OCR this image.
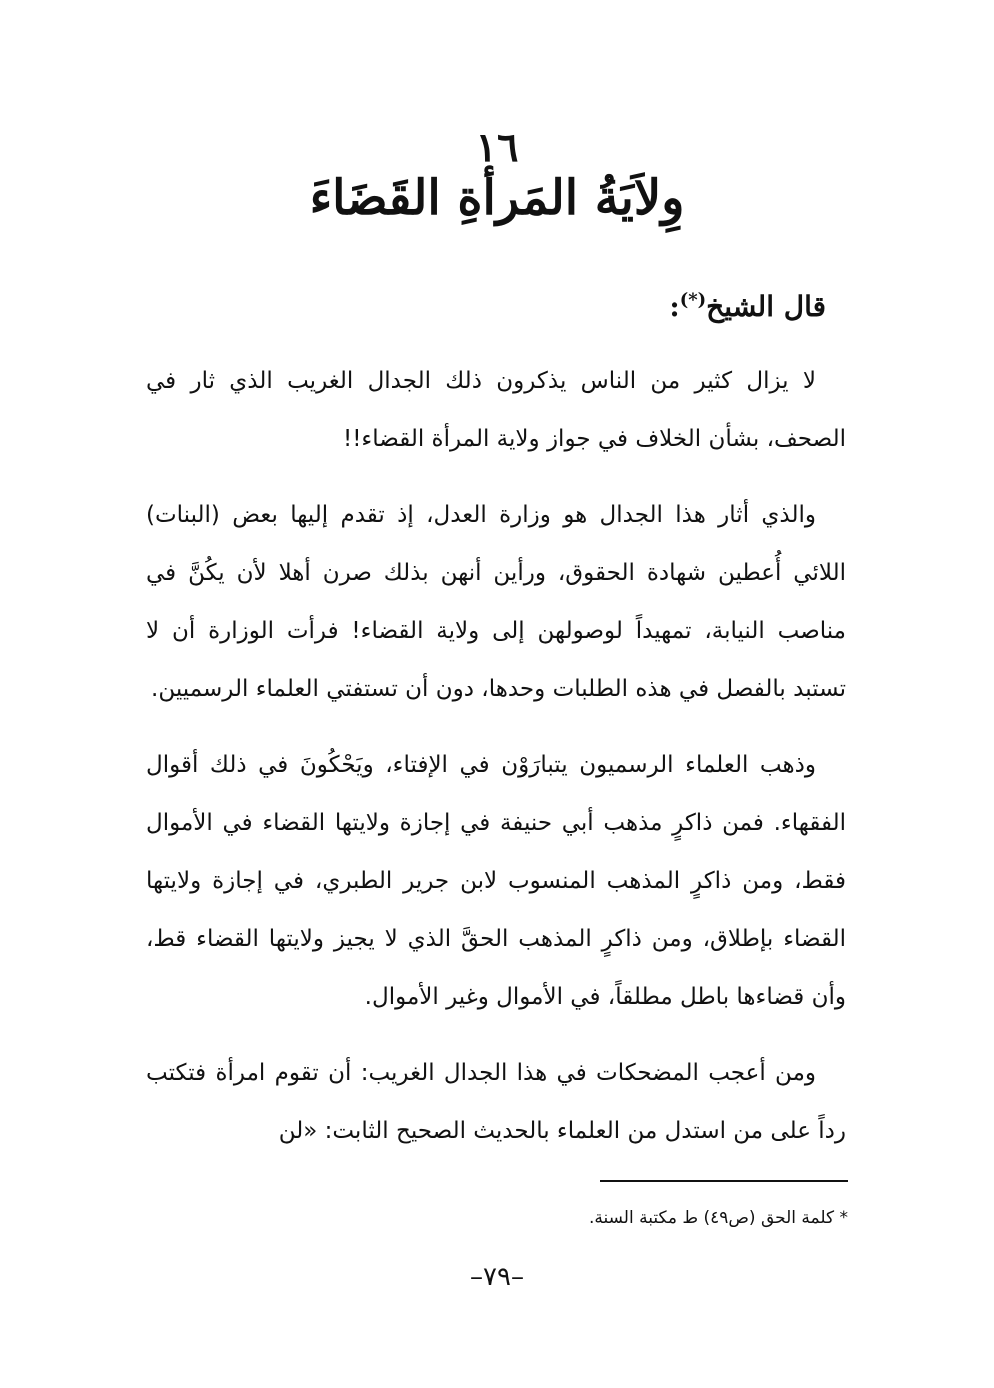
١٦
وِلاَيَةُ المَرأةِ القَضَاءَ
قال الشيخ(*):

لا يزال كثير من الناس يذكرون ذلك الجدال الغريب الذي ثار في الصحف، بشأن الخلاف في جواز ولاية المرأة القضاء!!

والذي أثار هذا الجدال هو وزارة العدل، إذ تقدم إليها بعض (البنات) اللائي أُعطين شهادة الحقوق، ورأين أنهن بذلك صرن أهلا لأن يكُنَّ في مناصب النيابة، تمهيداً لوصولهن إلى ولاية القضاء! فرأت الوزارة أن لا تستبد بالفصل في هذه الطلبات وحدها، دون أن تستفتي العلماء الرسميين.

وذهب العلماء الرسميون يتبارَوْن في الإفتاء، ويَحْكُونَ في ذلك أقوال الفقهاء. فمن ذاكرٍ مذهب أبي حنيفة في إجازة ولايتها القضاء في الأموال فقط، ومن ذاكرٍ المذهب المنسوب لابن جرير الطبري، في إجازة ولايتها القضاء بإطلاق، ومن ذاكرٍ المذهب الحقَّ الذي لا يجيز ولايتها القضاء قط، وأن قضاءها باطل مطلقاً، في الأموال وغير الأموال.

ومن أعجب المضحكات في هذا الجدال الغريب: أن تقوم امرأة فتكتب رداً على من استدل من العلماء بالحديث الصحيح الثابت: «لن

* كلمة الحق (ص٤٩) ط مكتبة السنة.
–٧٩–
